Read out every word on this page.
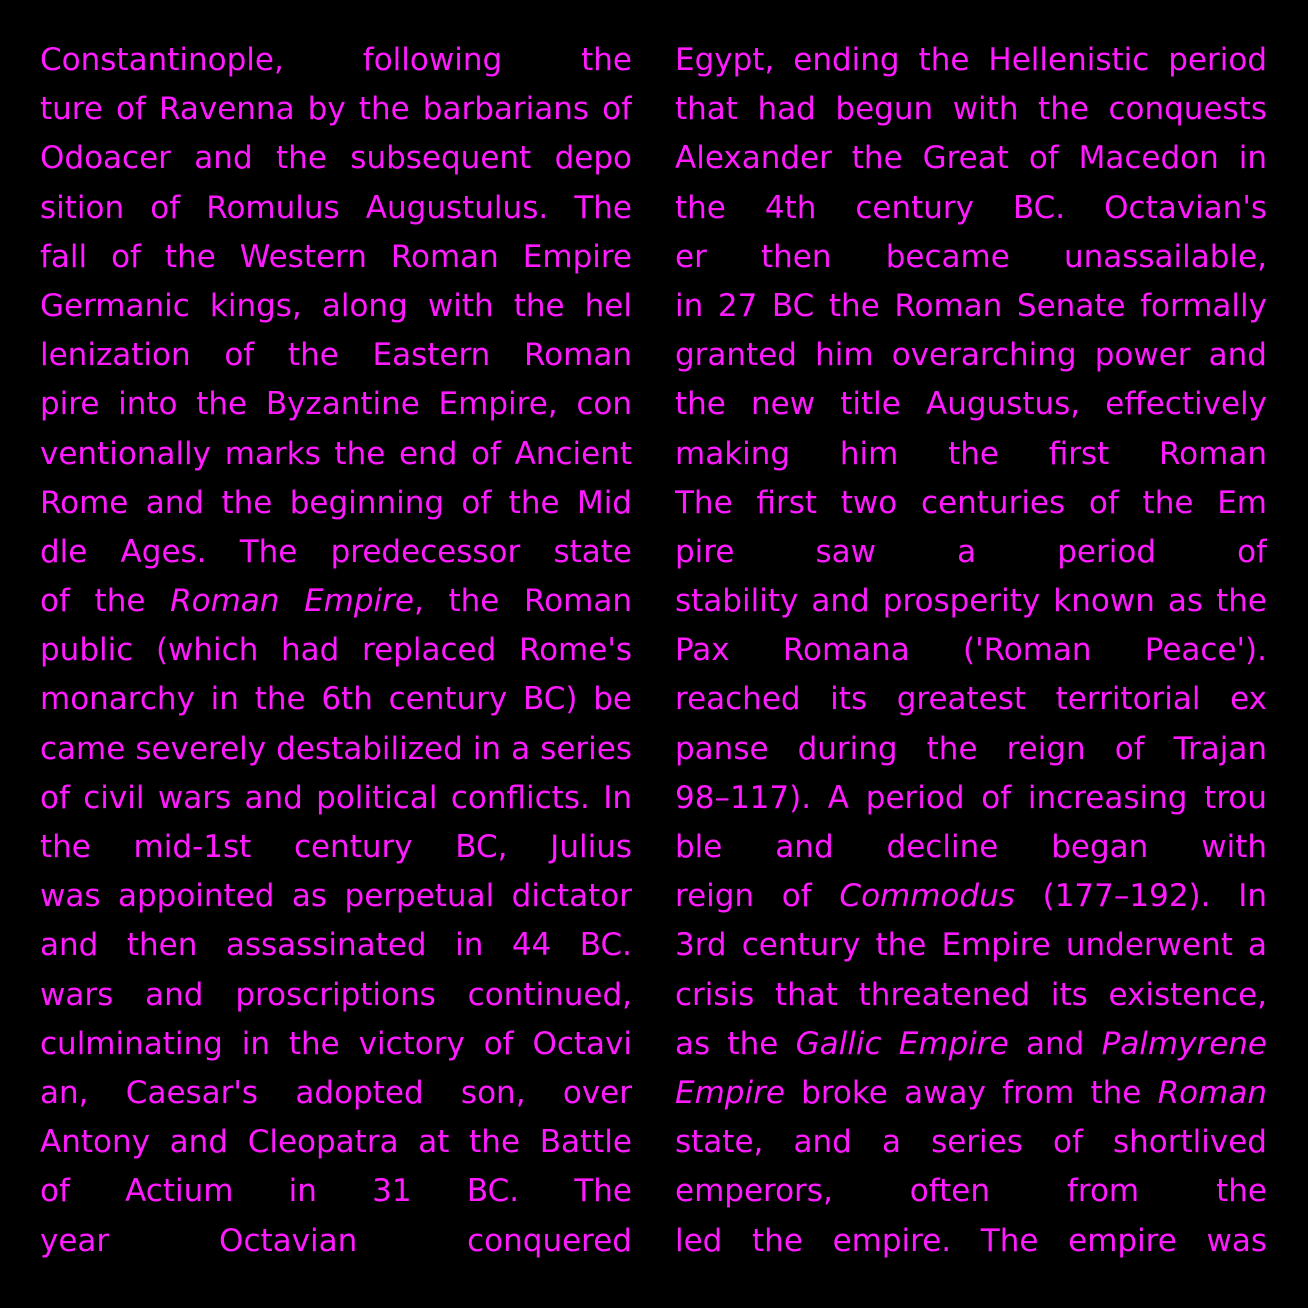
Constantinople, following the
ture of Ravenna by the barbarians of
Odoacer and the subsequent depo
sition of Romulus Augustulus. The
fall of the Western Roman Empire
Germanic kings, along with the hel
lenization of the Eastern Roman
pire into the Byzantine Empire, con
ventionally marks the end of Ancient
Rome and the beginning of the Mid
dle Ages. The predecessor state
of the Roman Empire, the Roman
public (which had replaced Rome's
monarchy in the 6th century BC) be
came severely destabilized in a series
of civil wars and political conflicts. In
the mid-1st century BC, Julius
was appointed as perpetual dictator
and then assassinated in 44 BC.
wars and proscriptions continued,
culminating in the victory of Octavi
an, Caesar's adopted son, over
Antony and Cleopatra at the Battle
of Actium in 31 BC. The
year Octavian conquered
Egypt, ending the Hellenistic period
that had begun with the conquests
Alexander the Great of Macedon in
the 4th century BC. Octavian's
er then became unassailable,
in 27 BC the Roman Senate formally
granted him overarching power and
the new title Augustus, effectively
making him the first Roman
The first two centuries of the Em
pire saw a period of
stability and prosperity known as the
Pax Romana ('Roman Peace').
reached its greatest territorial ex
panse during the reign of Trajan
98–117). A period of increasing trou
ble and decline began with
reign of Commodus (177–192). In
3rd century the Empire underwent a
crisis that threatened its existence,
as the Gallic Empire and Palmyrene
Empire broke away from the Roman
state, and a series of shortlived
emperors, often from the
led the empire. The empire was
